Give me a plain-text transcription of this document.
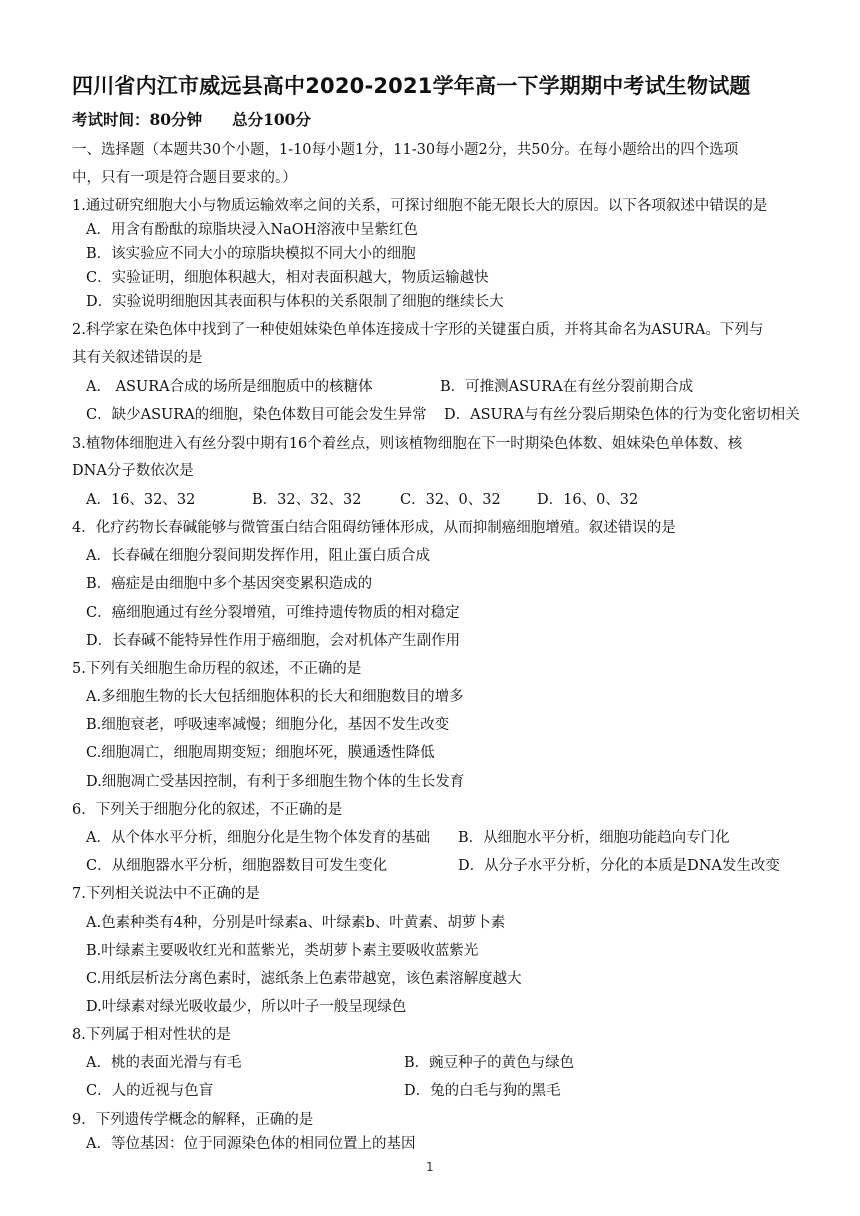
四川省内江市威远县高中2020-2021学年高一下学期期中考试生物试题
考试时间：80分钟 总分100分
一、选择题（本题共30个小题，1-10每小题1分，11-30每小题2分，共50分。在每小题给出的四个选项
中，只有一项是符合题目要求的。）
1.通过研究细胞大小与物质运输效率之间的关系，可探讨细胞不能无限长大的原因。以下各项叙述中错误的是
A．用含有酚酞的琼脂块浸入NaOH溶液中呈紫红色
B．该实验应不同大小的琼脂块模拟不同大小的细胞
C．实验证明，细胞体积越大，相对表面积越大，物质运输越快
D．实验说明细胞因其表面积与体积的关系限制了细胞的继续长大
2.科学家在染色体中找到了一种使姐妹染色单体连接成十字形的关键蛋白质，并将其命名为ASURA。下列与
其有关叙述错误的是
A． ASURA合成的场所是细胞质中的核糖体	B．可推测ASURA在有丝分裂前期合成
C．缺少ASURA的细胞，染色体数目可能会发生异常 D．ASURA与有丝分裂后期染色体的行为变化密切相关
3.植物体细胞进入有丝分裂中期有16个着丝点，则该植物细胞在下一时期染色体数、姐妹染色单体数、核
DNA分子数依次是
A．16、32、32	B．32、32、32	C．32、0、32	D．16、0、32
4．化疗药物长春碱能够与微管蛋白结合阻碍纺锤体形成，从而抑制癌细胞增殖。叙述错误的是
A．长春碱在细胞分裂间期发挥作用，阻止蛋白质合成
B．癌症是由细胞中多个基因突变累积造成的
C．癌细胞通过有丝分裂增殖，可维持遗传物质的相对稳定
D．长春碱不能特异性作用于癌细胞，会对机体产生副作用
5.下列有关细胞生命历程的叙述，不正确的是
A.多细胞生物的长大包括细胞体积的长大和细胞数目的增多
B.细胞衰老，呼吸速率减慢；细胞分化，基因不发生改变
C.细胞凋亡，细胞周期变短；细胞坏死，膜通透性降低
D.细胞凋亡受基因控制，有利于多细胞生物个体的生长发育
6．下列关于细胞分化的叙述，不正确的是
A．从个体水平分析，细胞分化是生物个体发育的基础 B．从细胞水平分析，细胞功能趋向专门化
C．从细胞器水平分析，细胞器数目可发生变化	D．从分子水平分析，分化的本质是DNA发生改变
7.下列相关说法中不正确的是
A.色素种类有4种，分别是叶绿素a、叶绿素b、叶黄素、胡萝卜素
B.叶绿素主要吸收红光和蓝紫光，类胡萝卜素主要吸收蓝紫光
C.用纸层析法分离色素时，滤纸条上色素带越宽，该色素溶解度越大
D.叶绿素对绿光吸收最少，所以叶子一般呈现绿色
8.下列属于相对性状的是
A．桃的表面光滑与有毛	B．豌豆种子的黄色与绿色
C．人的近视与色盲	D．兔的白毛与狗的黑毛
9．下列遗传学概念的解释，正确的是
A．等位基因：位于同源染色体的相同位置上的基因
1
